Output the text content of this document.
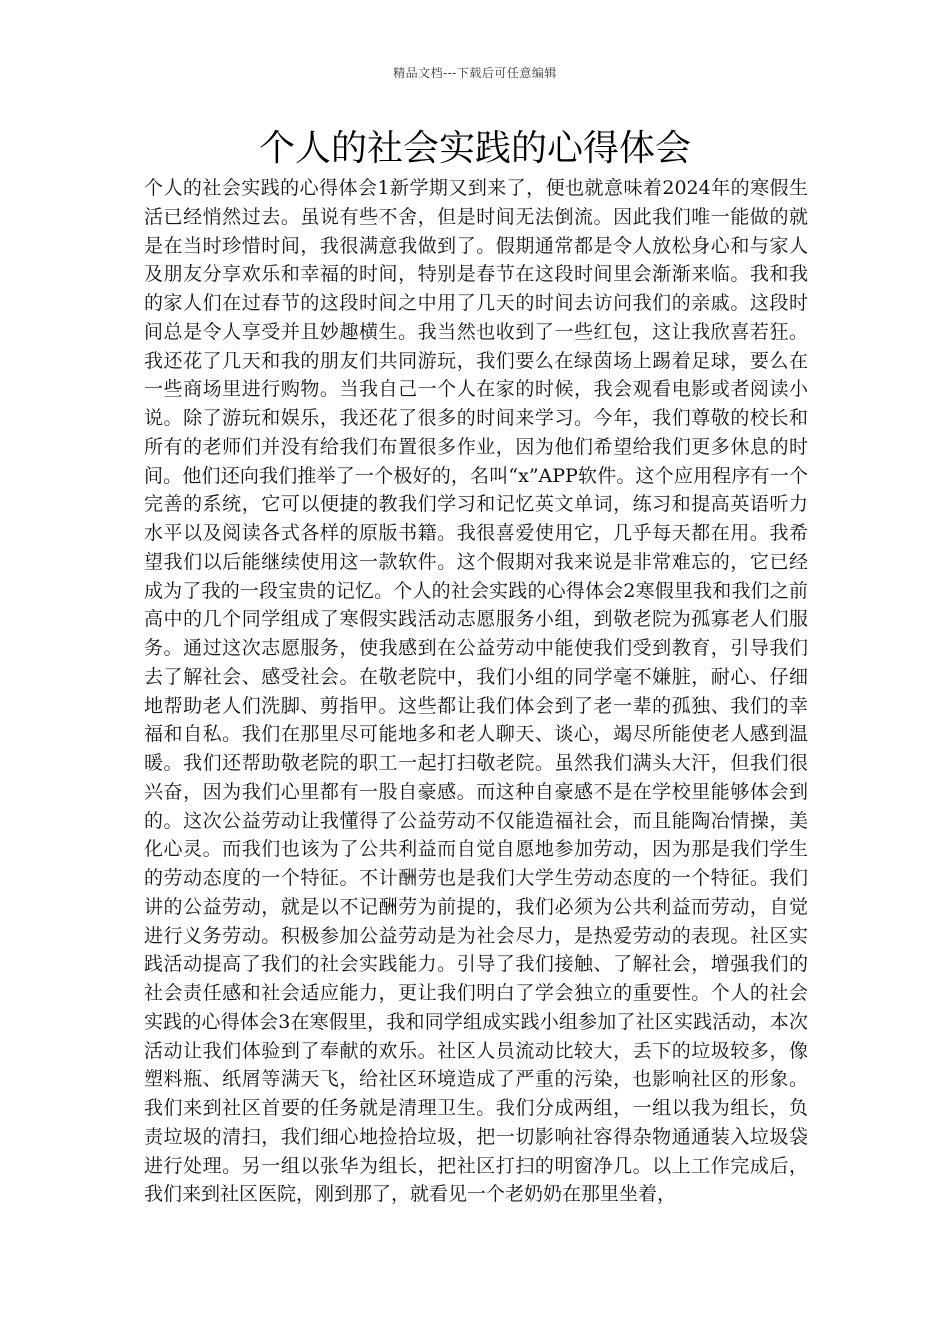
精品文档---下载后可任意编辑
个人的社会实践的心得体会

个人的社会实践的心得体会1新学期又到来了，便也就意味着2024年的寒假生活已经悄然过去。虽说有些不舍，但是时间无法倒流。因此我们唯一能做的就是在当时珍惜时间，我很满意我做到了。假期通常都是令人放松身心和与家人及朋友分享欢乐和幸福的时间，特别是春节在这段时间里会渐渐来临。我和我的家人们在过春节的这段时间之中用了几天的时间去访问我们的亲戚。这段时间总是令人享受并且妙趣横生。我当然也收到了一些红包，这让我欣喜若狂。我还花了几天和我的朋友们共同游玩，我们要么在绿茵场上踢着足球，要么在一些商场里进行购物。当我自己一个人在家的时候，我会观看电影或者阅读小说。除了游玩和娱乐，我还花了很多的时间来学习。今年，我们尊敬的校长和所有的老师们并没有给我们布置很多作业，因为他们希望给我们更多休息的时间。他们还向我们推举了一个极好的，名叫“x”APP软件。这个应用程序有一个完善的系统，它可以便捷的教我们学习和记忆英文单词，练习和提高英语听力水平以及阅读各式各样的原版书籍。我很喜爱使用它，几乎每天都在用。我希望我们以后能继续使用这一款软件。这个假期对我来说是非常难忘的，它已经成为了我的一段宝贵的记忆。个人的社会实践的心得体会2寒假里我和我们之前高中的几个同学组成了寒假实践活动志愿服务小组，到敬老院为孤寡老人们服务。通过这次志愿服务，使我感到在公益劳动中能使我们受到教育，引导我们去了解社会、感受社会。在敬老院中，我们小组的同学毫不嫌脏，耐心、仔细地帮助老人们洗脚、剪指甲。这些都让我们体会到了老一辈的孤独、我们的幸福和自私。我们在那里尽可能地多和老人聊天、谈心，竭尽所能使老人感到温暖。我们还帮助敬老院的职工一起打扫敬老院。虽然我们满头大汗，但我们很兴奋，因为我们心里都有一股自豪感。而这种自豪感不是在学校里能够体会到的。这次公益劳动让我懂得了公益劳动不仅能造福社会，而且能陶冶情操，美化心灵。而我们也该为了公共利益而自觉自愿地参加劳动，因为那是我们学生的劳动态度的一个特征。不计酬劳也是我们大学生劳动态度的一个特征。我们讲的公益劳动，就是以不记酬劳为前提的，我们必须为公共利益而劳动，自觉进行义务劳动。积极参加公益劳动是为社会尽力，是热爱劳动的表现。社区实践活动提高了我们的社会实践能力。引导了我们接触、了解社会，增强我们的社会责任感和社会适应能力，更让我们明白了学会独立的重要性。个人的社会实践的心得体会3在寒假里，我和同学组成实践小组参加了社区实践活动，本次活动让我们体验到了奉献的欢乐。社区人员流动比较大，丢下的垃圾较多，像塑料瓶、纸屑等满天飞，给社区环境造成了严重的污染，也影响社区的形象。我们来到社区首要的任务就是清理卫生。我们分成两组，一组以我为组长，负责垃圾的清扫，我们细心地捡拾垃圾，把一切影响社容得杂物通通装入垃圾袋进行处理。另一组以张华为组长，把社区打扫的明窗净几。以上工作完成后，我们来到社区医院，刚到那了，就看见一个老奶奶在那里坐着，
